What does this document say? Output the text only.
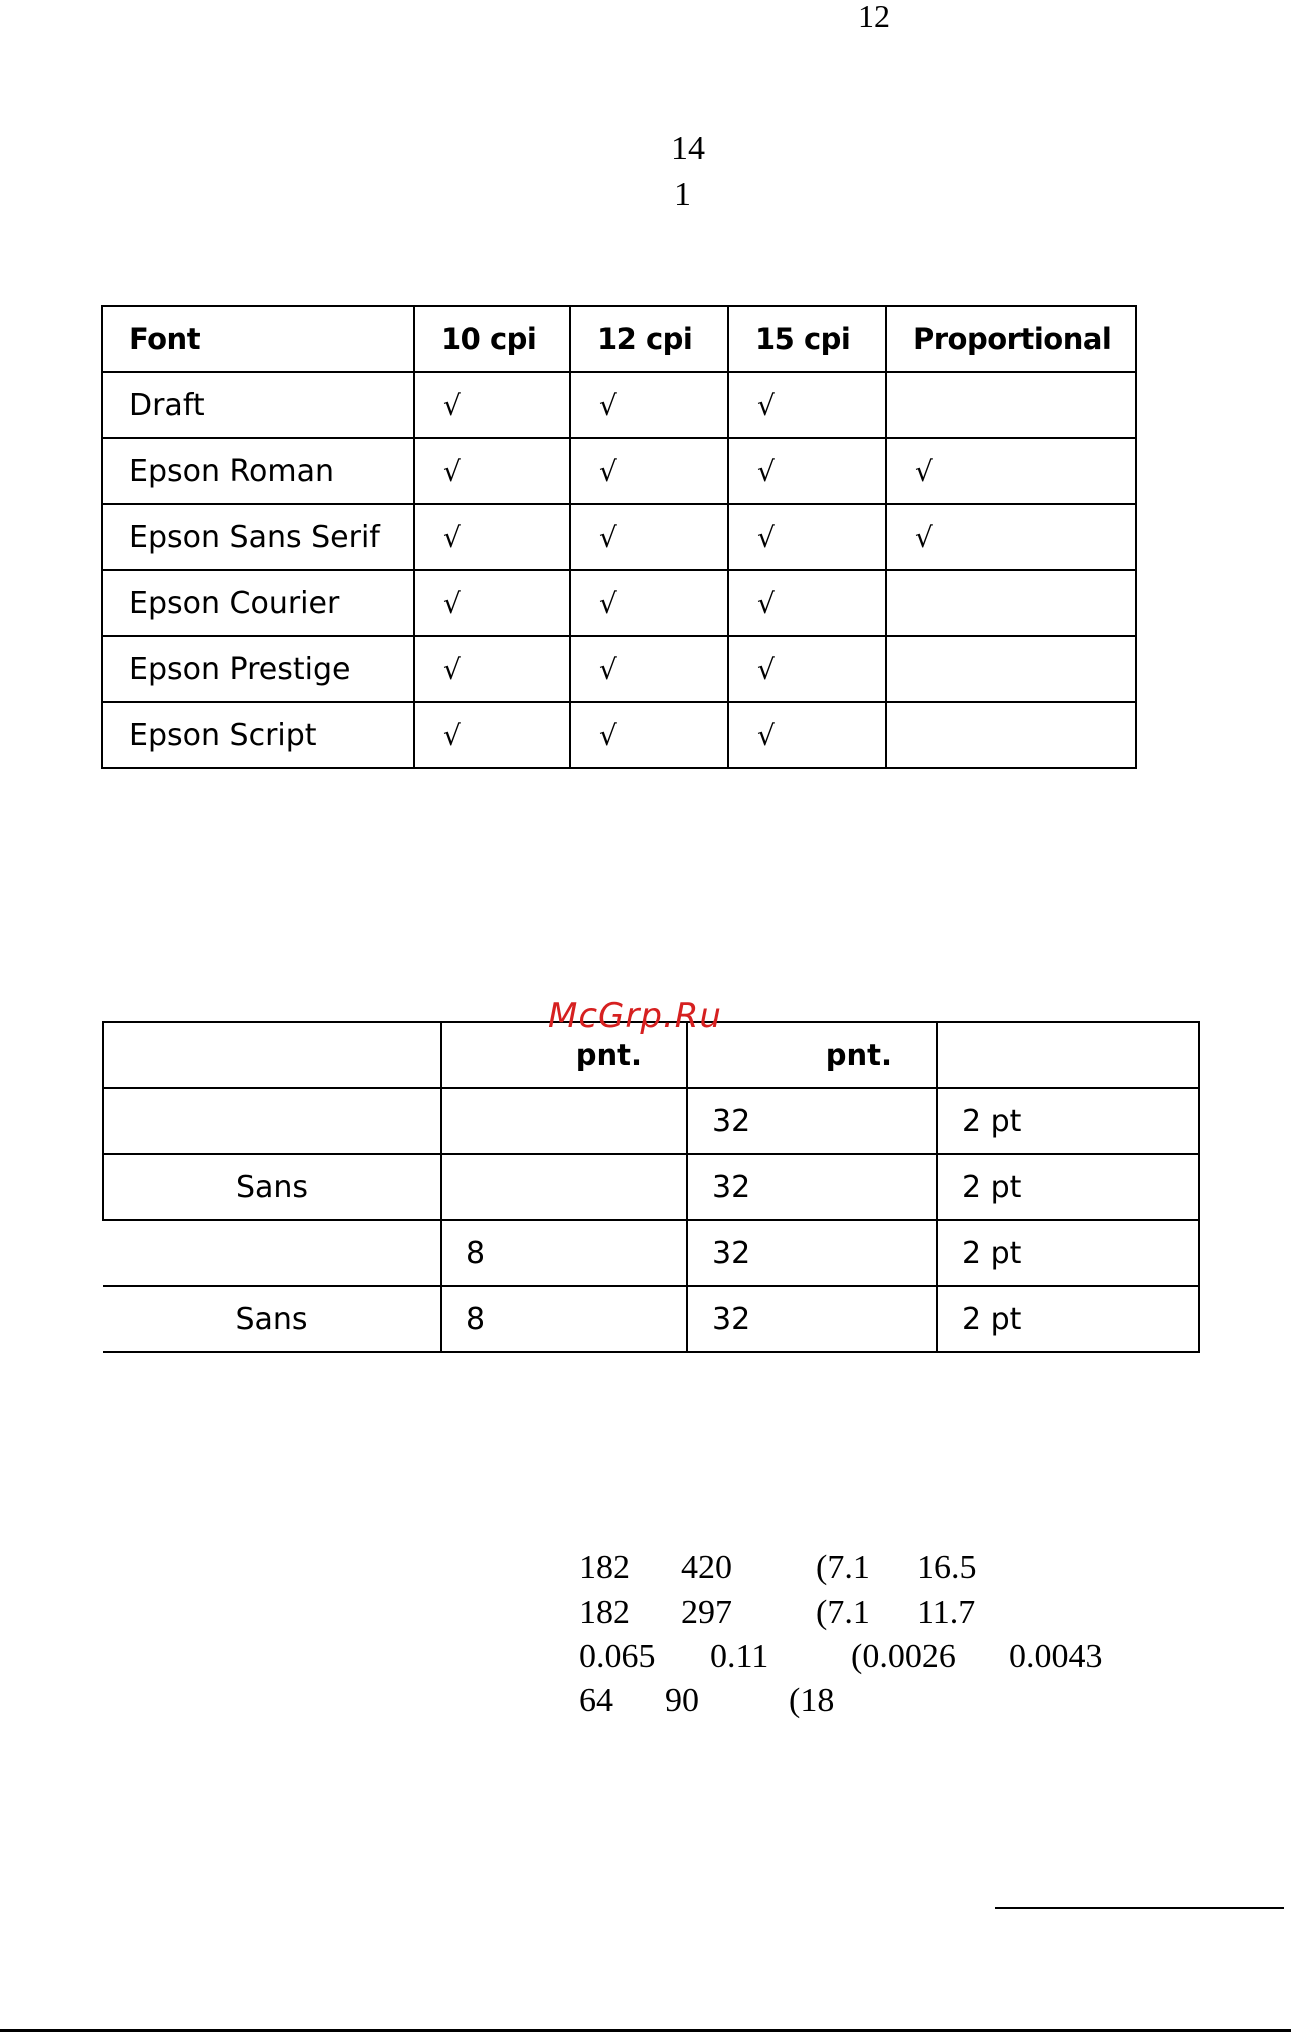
12
14
1
Font	10 cpi	12 cpi	15 cpi	Proportional
Draft	√	√	√	
Epson Roman	√	√	√	√
Epson Sans Serif	√	√	√	√
Epson Courier	√	√	√	
Epson Prestige	√	√	√	
Epson Script	√	√	√	
	pnt.	pnt.	
		32	2 pt
Sans		32	2 pt
	8	32	2 pt
Sans	8	32	2 pt
McGrp.Ru
182 420 (7.1 16.5
182 297 (7.1 11.7
0.065 0.11 (0.0026 0.0043
64 90	(18
